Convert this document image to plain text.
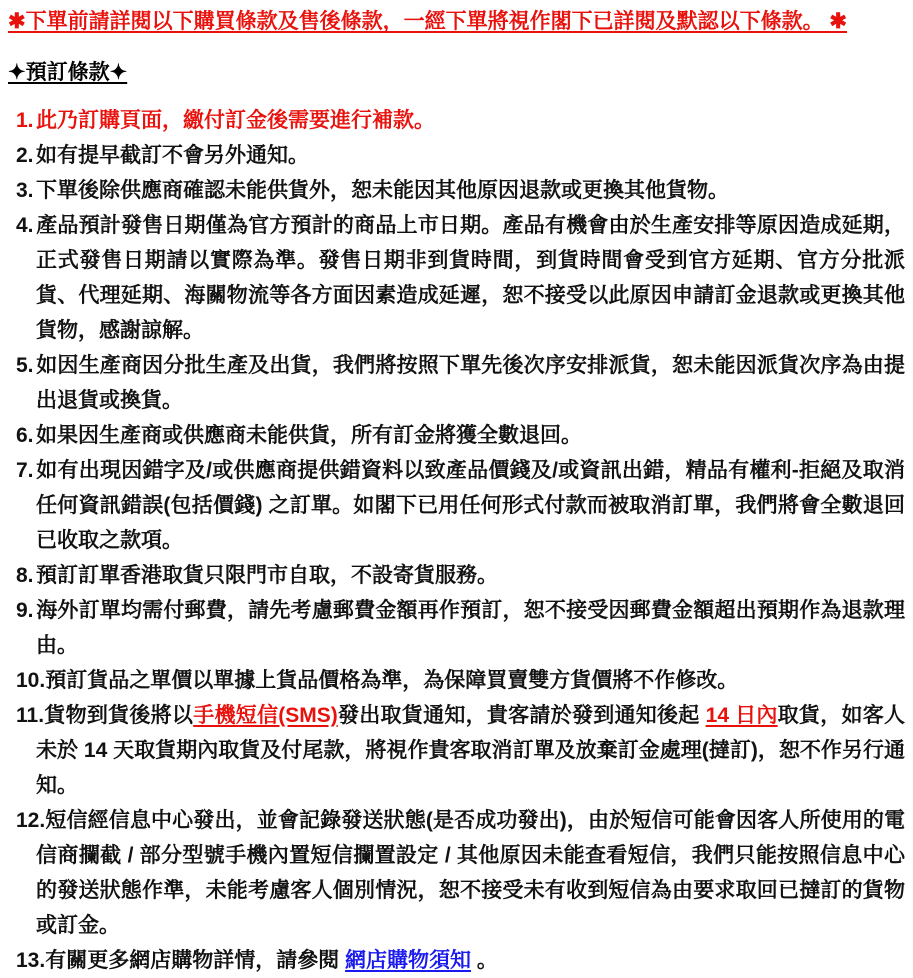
✱下單前請詳閱以下購買條款及售後條款，一經下單將視作閣下已詳閱及默認以下條款。 ✱
✦預訂條款✦
1. 此乃訂購頁面，繳付訂金後需要進行補款。
2. 如有提早截訂不會另外通知。
3. 下單後除供應商確認未能供貨外，恕未能因其他原因退款或更換其他貨物。
4. 產品預計發售日期僅為官方預計的商品上市日期。產品有機會由於生產安排等原因造成延期，正式發售日期請以實際為準。發售日期非到貨時間，到貨時間會受到官方延期、官方分批派貨、代理延期、海關物流等各方面因素造成延遲，恕不接受以此原因申請訂金退款或更換其他貨物，感謝諒解。
5. 如因生產商因分批生產及出貨，我們將按照下單先後次序安排派貨，恕未能因派貨次序為由提出退貨或換貨。
6. 如果因生產商或供應商未能供貨，所有訂金將獲全數退回。
7. 如有出現因錯字及/或供應商提供錯資料以致產品價錢及/或資訊出錯，精品有權利-拒絕及取消任何資訊錯誤(包括價錢) 之訂單。如閣下已用任何形式付款而被取消訂單，我們將會全數退回已收取之款項。
8. 預訂訂單香港取貨只限門市自取，不設寄貨服務。
9. 海外訂單均需付郵費，請先考慮郵費金額再作預訂，恕不接受因郵費金額超出預期作為退款理由。
10.預訂貨品之單價以單據上貨品價格為準，為保障買賣雙方貨價將不作修改。
11.貨物到貨後將以手機短信(SMS)發出取貨通知，貴客請於發到通知後起 14 日內取貨，如客人未於 14 天取貨期內取貨及付尾款，將視作貴客取消訂單及放棄訂金處理(撻訂)，恕不作另行通知。
12.短信經信息中心發出，並會記錄發送狀態(是否成功發出)，由於短信可能會因客人所使用的電信商攔截 / 部分型號手機內置短信攔置設定 / 其他原因未能查看短信，我們只能按照信息中心的發送狀態作準，未能考慮客人個別情況，恕不接受未有收到短信為由要求取回已撻訂的貨物或訂金。
13.有關更多網店購物詳情，請參閱 網店購物須知 。
